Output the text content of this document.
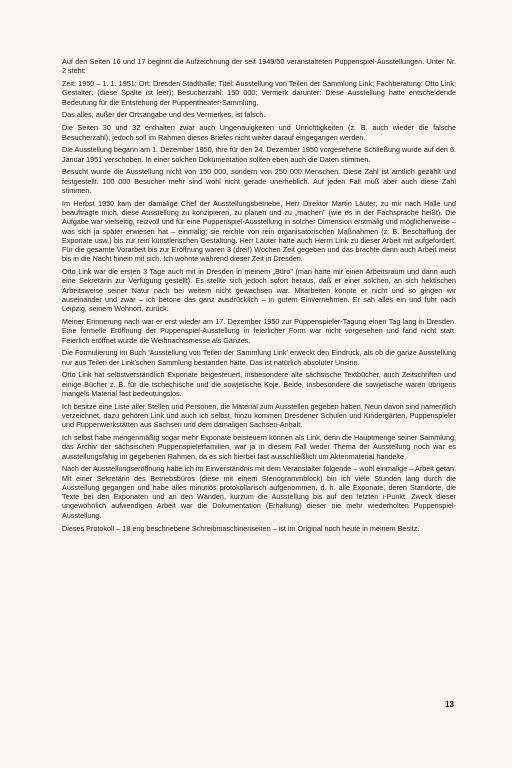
Auf den Seiten 16 und 17 beginnt die Aufzeichnung der seit 1949/50 veranstalteten Puppenspiel-Ausstellungen. Unter Nr. 2 steht:

Zeit: 1950 – 1. 1. 1951; Ort: Dresden Stadthalle; Titel: Ausstellung von Teilen der Sammlung Link; Fachberatung: Otto Link; Gestalter: (diese Spalte ist leer); Besucherzahl: 150 000; Vermerk darunter: Diese Ausstellung hatte entscheidende Bedeutung für die Entstehung der Puppentheater-Sammlung.

Das alles, außer der Ortsangabe und des Vermerkes, ist falsch.

Die Seiten 30 und 32 enthalten zwar auch Ungenauigkeiten und Unrichtigkeiten (z. B. auch wieder die falsche Besucherzahl), jedoch soll im Rahmen dieses Briefes nicht weiter darauf eingegangen werden.

Die Ausstellung begann am 1. Dezember 1950, ihre für den 24. Dezember 1950 vorgesehene Schließung wurde auf den 6. Januar 1951 verschoben. In einer solchen Dokumentation sollten eben auch die Daten stimmen.

Besucht wurde die Ausstellung nicht von 150 000, sondern von 250 000 Menschen. Diese Zahl ist amtlich gezählt und festgestellt. 100 000 Besucher mehr sind wohl nicht gerade unerheblich. Auf jeden Fall muß aber auch diese Zahl stimmen.

Im Herbst 1950 kam der damalige Chef der Ausstellungsbetriebe, Herr Direktor Martin Läuter, zu mir nach Halle und beauftragte mich, diese Ausstellung zu konzipieren, zu planen und zu „machen" (wie es in der Fachsprache heißt). Die Aufgabe war vielseitig, reizvoll und für eine Puppenspiel-Ausstellung in solcher Dimension erstmalig und möglicherweise – was sich ja später erwiesen hat – einmalig; sie reichte von rein organisatorischen Maßnahmen (z. B. Beschaffung der Exponate usw.) bis zur rein künstlerischen Gestaltung. Herr Läuter hatte auch Herrn Link zu dieser Arbeit mit aufgefordert. Für die gesamte Vorarbeit bis zur Eröffnung waren 3 (drei!) Wochen Zeit gegeben und das brachte dann auch Arbeit meist bis in die Nacht hinein mit sich. Ich wohnte während dieser Zeit in Dresden.

Otto Link war die ersten 3 Tage auch mit in Dresden in meinem „Büro" (man hatte mir einen Arbeitsraum und dann auch eine Sekretärin zur Verfügung gestellt). Es stellte sich jedoch sofort heraus, daß er einer solchen, an sich hektischen Arbeitsweise seiner Natur nach bei weitem nicht gewachsen war. Mitarbeiten konnte er nicht und so gingen wir auseinander und zwar – ich betone das ganz ausdrücklich – in gutem Einvernehmen. Er sah alles ein und fuhr nach Leipzig, seinem Wohnort, zurück.

Meiner Erinnerung nach war er erst wieder am 17. Dezember 1950 zur Puppenspieler-Tagung einen Tag lang in Dresden. Eine formelle Eröffnung der Puppenspiel-Ausstellung in feierlicher Form war nicht vorgesehen und fand nicht statt. Feierlich eröffnet wurde die Weihnachtsmesse als Ganzes.

Die Formulierung im Buch 'Ausstellung von Teilen der Sammlung Link' erweckt den Eindruck, als ob die ganze Ausstellung nur aus Teilen der Link'schen Sammlung bestanden hätte. Das ist natürlich absoluter Unsinn.

Otto Link hat selbstverständlich Exponate beigesteuert, insbesondere alte sächsische Textbücher, auch Zeitschriften und einige Bücher z. B. für die tschechische und die sowjetische Koje. Beide, insbesondere die sowjetische waren übrigens mangels Material fast bedeutungslos.

Ich besitze eine Liste aller Stellen und Personen, die Material zum Ausstellen gegeben haben. Neun davon sind namentlich verzeichnet, dazu gehören Link und auch ich selbst, hinzu kommen Dresdener Schulen und Kindergärten, Puppenspieler und Puppenwerkstätten aus Sachsen und dem damaligen Sachsen-Anhalt.

Ich selbst habe mengenmäßig sogar mehr Exponate beisteuern können als Link, denn die Hauptmenge seiner Sammlung, das Archiv der sächsischen Puppenspielerfamilien, war ja in diesem Fall weder Thema der Ausstellung noch war es ausstellungsfähig im gegebenen Rahmen, da es sich hierbei fast ausschließlich um Aktenmaterial handelte.

Nach der Ausstellungseröffnung habe ich im Einverständnis mit dem Veranstalter folgende – wohl einmalige – Arbeit getan: Mit einer Sekretärin des Betriebsbüros (diese mit einem Stenogrammblock) bin ich viele Stunden lang durch die Ausstellung gegangen und habe alles minutiös protokollarisch aufgenommen, d. h. alle Exponate, deren Standorte, die Texte bei den Exponaten und an den Wänden, kurzum die Ausstellung bis auf den letzten i-Punkt. Zweck dieser ungewöhnlich aufwendigen Arbeit war die Dokumentation (Erhaltung) dieser nie mehr wiederholten Puppenspiel-Ausstellung.

Dieses Protokoll – 18 eng beschriebene Schreibmaschinenseiten – ist im Original noch heute in meinem Besitz.

13
